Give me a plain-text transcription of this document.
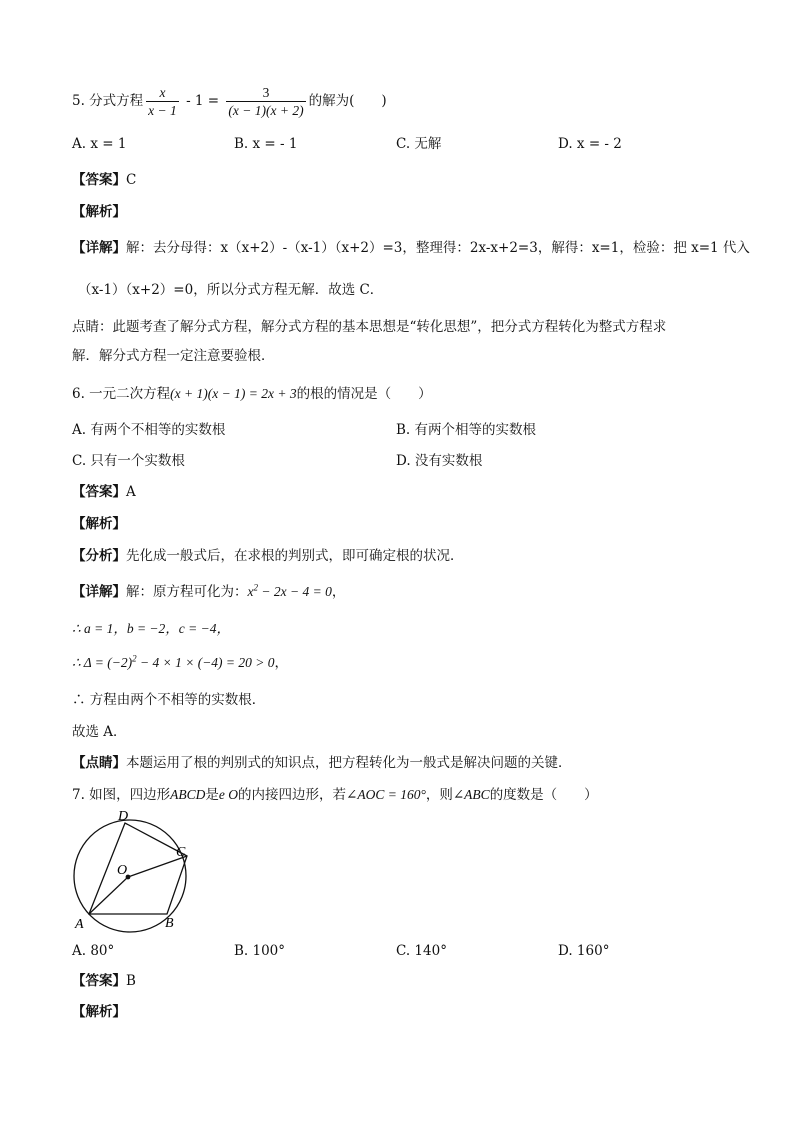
5. 分式方程 $\frac{x}{x - 1} - 1 = \frac{3}{(x - 1)(x + 2)}$ 的解为(　　)
A. x = 1	B. x = - 1	C. 无解	D. x = - 2
【答案】C
【解析】
【详解】解：去分母得：x（x+2）-（x-1）（x+2）=3，整理得：2x-x+2=3，解得：x=1，检验：把 x=1 代入
（x-1）（x+2）=0，所以分式方程无解．故选 C．
点睛：此题考查了解分式方程，解分式方程的基本思想是“转化思想”，把分式方程转化为整式方程求
解．解分式方程一定注意要验根．
6. 一元二次方程(x + 1)(x − 1) = 2x + 3的根的情况是（　　）
A. 有两个不相等的实数根	B. 有两个相等的实数根
C. 只有一个实数根	D. 没有实数根
【答案】A
【解析】
【分析】先化成一般式后，在求根的判别式，即可确定根的状况．
【详解】解：原方程可化为：$x^2 - 2x - 4 = 0$，
∴ a = 1，b = −2，c = −4，
∴ $\Delta = (-2)^2 - 4 \times 1 \times (-4) = 20 > 0$，
∴ 方程由两个不相等的实数根．
故选 A．
【点睛】本题运用了根的判别式的知识点，把方程转化为一般式是解决问题的关键．
7. 如图，四边形ABCD是e O的内接四边形，若∠AOC = 160°，则∠ABC的度数是（　　）
D
C
O
A	B
A. 80°	B. 100°	C. 140°	D. 160°
【答案】B
【解析】
